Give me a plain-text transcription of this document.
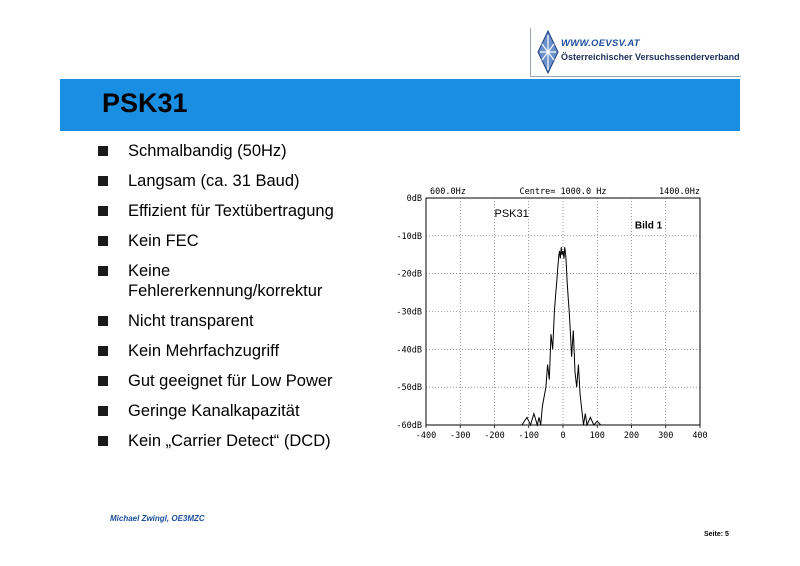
WWW.OEVSV.AT
Österreichischer Versuchssenderverband
PSK31
Schmalbandig (50Hz)
Langsam (ca. 31 Baud)
Effizient für Textübertragung
Kein FEC
Keine Fehlererkennung/korrektur
Nicht transparent
Kein Mehrfachzugriff
Gut geeignet für Low Power
Geringe Kanalkapazität
Kein „Carrier Detect“ (DCD)
0dB
-10dB
-20dB
-30dB
-40dB
-50dB
-60dB
-400 -300 -200 -100	0	100 200 300 400
600.0Hz	Centre= 1000.0 Hz	1400.0Hz
PSK31
Bild 1
Michael Zwingl, OE3MZC
Seite: 5
